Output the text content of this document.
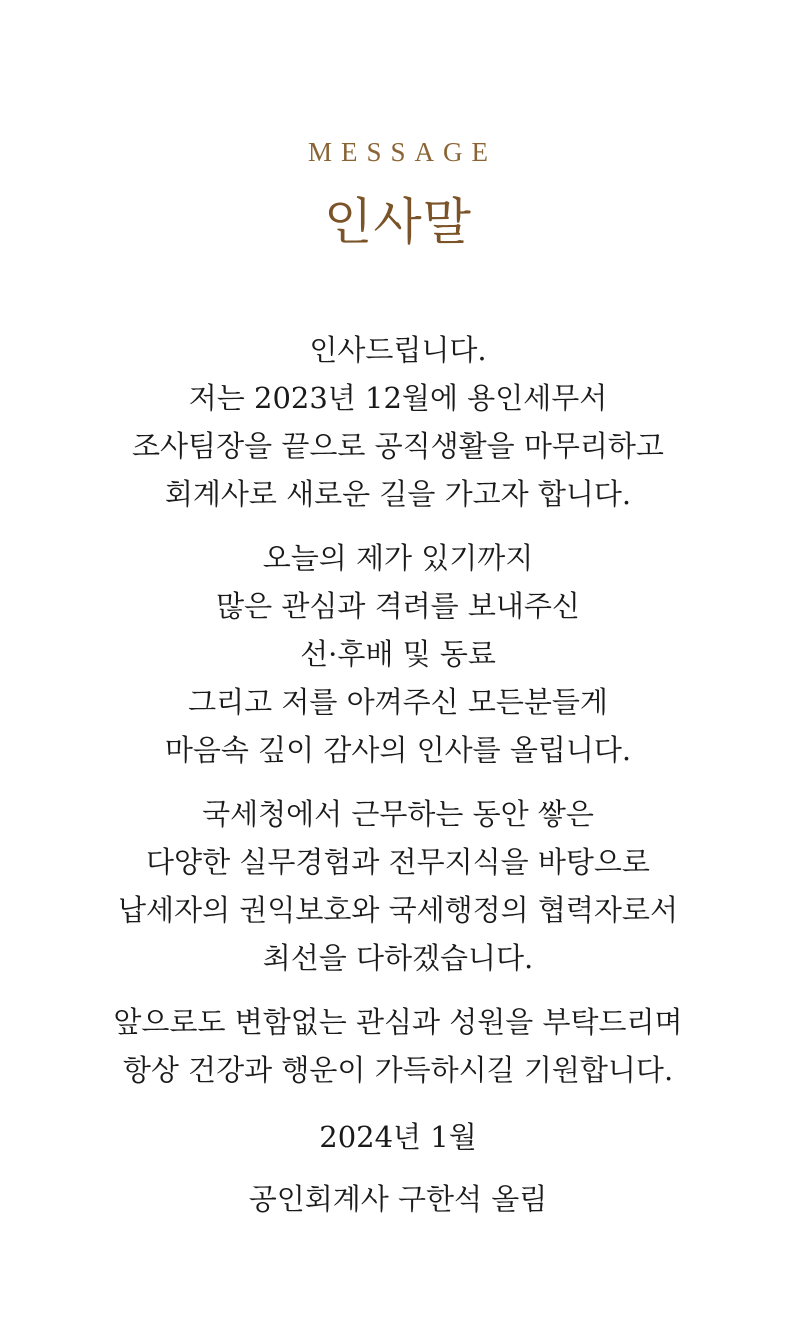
MESSAGE
인사말
인사드립니다.
저는 2023년 12월에 용인세무서
조사팀장을 끝으로 공직생활을 마무리하고
회계사로 새로운 길을 가고자 합니다.
오늘의 제가 있기까지
많은 관심과 격려를 보내주신
선·후배 및 동료
그리고 저를 아껴주신 모든분들게
마음속 깊이 감사의 인사를 올립니다.
국세청에서 근무하는 동안 쌓은
다양한 실무경험과 전무지식을 바탕으로
납세자의 권익보호와 국세행정의 협력자로서
최선을 다하겠습니다.
앞으로도 변함없는 관심과 성원을 부탁드리며
항상 건강과 행운이 가득하시길 기원합니다.
2024년 1월
공인회계사 구한석 올림
